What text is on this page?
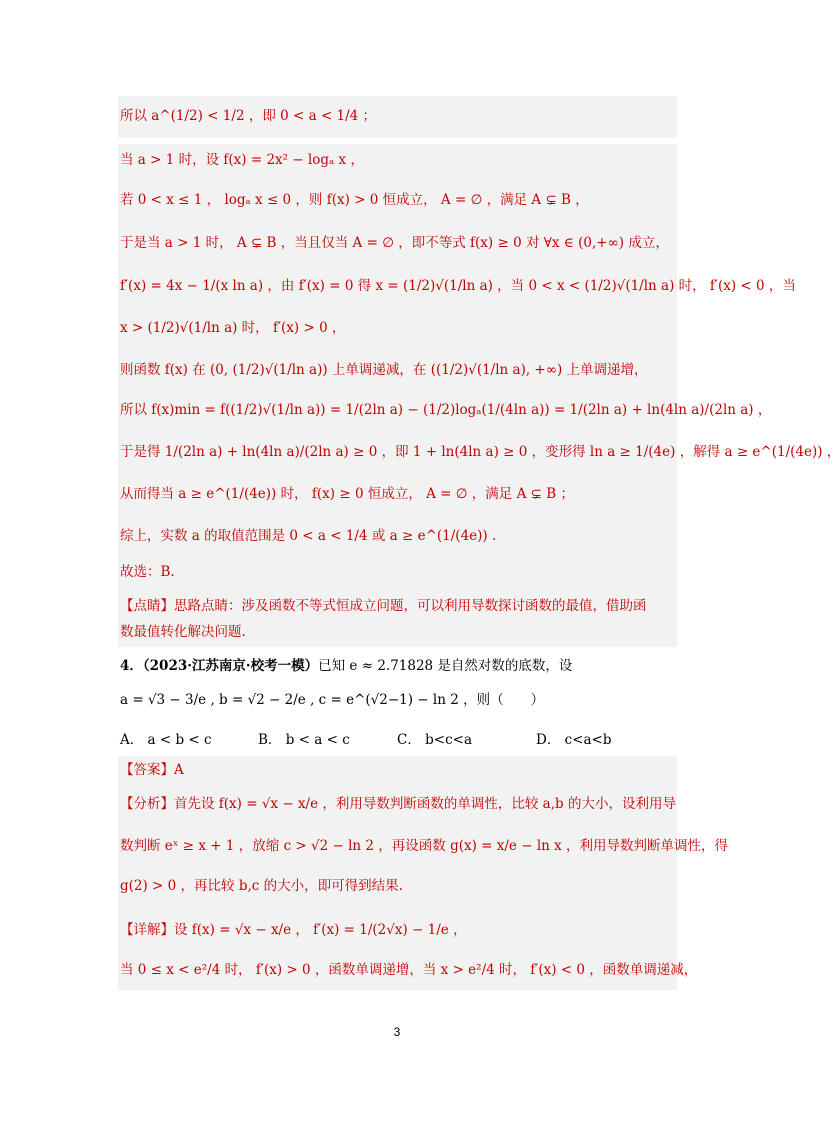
所以 a^(1/2) < 1/2 ，即 0 < a < 1/4 ；
当 a > 1 时，设 f(x) = 2x² − logₐ x ，
若 0 < x ≤ 1 ， logₐ x ≤ 0 ，则 f(x) > 0 恒成立， A = ∅ ，满足 A ⊊ B ，
于是当 a > 1 时， A ⊊ B ，当且仅当 A = ∅ ，即不等式 f(x) ≥ 0 对 ∀x ∈ (0,+∞) 成立，
f′(x) = 4x − 1/(x ln a) ，由 f′(x) = 0 得 x = (1/2)√(1/ln a) ，当 0 < x < (1/2)√(1/ln a) 时， f′(x) < 0 ，当
x > (1/2)√(1/ln a) 时， f′(x) > 0 ，
则函数 f(x) 在 (0, (1/2)√(1/ln a)) 上单调递减，在 ((1/2)√(1/ln a), +∞) 上单调递增，
所以 f(x)min = f((1/2)√(1/ln a)) = 1/(2ln a) − (1/2)logₐ(1/(4ln a)) = 1/(2ln a) + ln(4ln a)/(2ln a) ，
于是得 1/(2ln a) + ln(4ln a)/(2ln a) ≥ 0 ，即 1 + ln(4ln a) ≥ 0 ，变形得 ln a ≥ 1/(4e) ，解得 a ≥ e^(1/(4e)) ，
从而得当 a ≥ e^(1/(4e)) 时， f(x) ≥ 0 恒成立， A = ∅ ，满足 A ⊊ B ；
综上，实数 a 的取值范围是 0 < a < 1/4 或 a ≥ e^(1/(4e)) .
故选：B.
【点睛】思路点睛：涉及函数不等式恒成立问题，可以利用导数探讨函数的最值，借助函
数最值转化解决问题.
4．（2023·江苏南京·校考一模）已知 e ≈ 2.71828 是自然对数的底数，设
a = √3 − 3/e , b = √2 − 2/e , c = e^(√2−1) − ln 2 ，则（　　）
A． a < b < c	B． b < a < c	C． b<c<a	D． c<a<b
【答案】A
【分析】首先设 f(x) = √x − x/e ，利用导数判断函数的单调性，比较 a,b 的大小，设利用导
数判断 eˣ ≥ x + 1 ，放缩 c > √2 − ln 2 ，再设函数 g(x) = x/e − ln x ，利用导数判断单调性，得
g(2) > 0 ，再比较 b,c 的大小，即可得到结果.
【详解】设 f(x) = √x − x/e ， f′(x) = 1/(2√x) − 1/e ，
当 0 ≤ x < e²/4 时， f′(x) > 0 ，函数单调递增，当 x > e²/4 时， f′(x) < 0 ，函数单调递减，
3
